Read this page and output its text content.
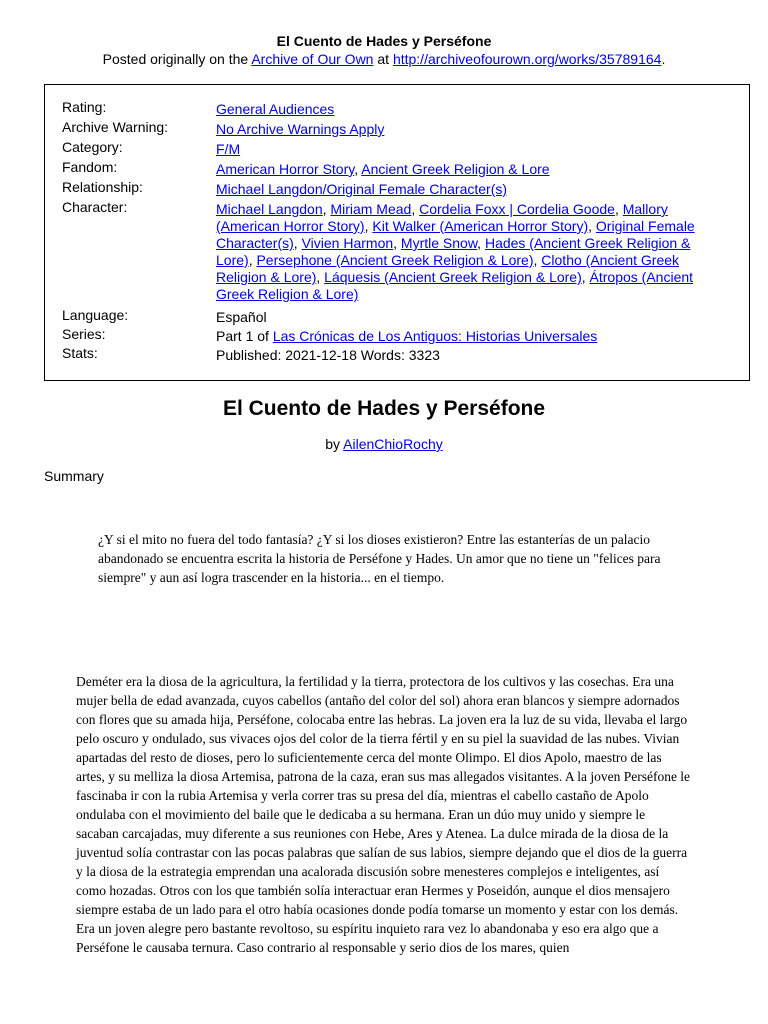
El Cuento de Hades y Perséfone

Posted originally on the Archive of Our Own at http://archiveofourown.org/works/35789164.

Rating:	General Audiences
Archive Warning:	No Archive Warnings Apply
Category:	F/M
Fandom:	American Horror Story, Ancient Greek Religion & Lore
Relationship:	Michael Langdon/Original Female Character(s)
Character:	Michael Langdon, Miriam Mead, Cordelia Foxx | Cordelia Goode, Mallory (American Horror Story), Kit Walker (American Horror Story), Original Female Character(s), Vivien Harmon, Myrtle Snow, Hades (Ancient Greek Religion & Lore), Persephone (Ancient Greek Religion & Lore), Clotho (Ancient Greek Religion & Lore), Láquesis (Ancient Greek Religion & Lore), Átropos (Ancient Greek Religion & Lore)
Language:	Español
Series:	Part 1 of Las Crónicas de Los Antiguos: Historias Universales
Stats:	Published: 2021-12-18 Words: 3323
El Cuento de Hades y Perséfone
by AilenChioRochy
Summary
¿Y si el mito no fuera del todo fantasía? ¿Y si los dioses existieron? Entre las estanterías de un palacio abandonado se encuentra escrita la historia de Perséfone y Hades. Un amor que no tiene un "felices para siempre" y aun así logra trascender en la historia... en el tiempo.
Deméter era la diosa de la agricultura, la fertilidad y la tierra, protectora de los cultivos y las cosechas. Era una mujer bella de edad avanzada, cuyos cabellos (antaño del color del sol) ahora eran blancos y siempre adornados con flores que su amada hija, Perséfone, colocaba entre las hebras. La joven era la luz de su vida, llevaba el largo pelo oscuro y ondulado, sus vivaces ojos del color de la tierra fértil y en su piel la suavidad de las nubes. Vivian apartadas del resto de dioses, pero lo suficientemente cerca del monte Olimpo. El dios Apolo, maestro de las artes, y su melliza la diosa Artemisa, patrona de la caza, eran sus mas allegados visitantes. A la joven Perséfone le fascinaba ir con la rubia Artemisa y verla correr tras su presa del día, mientras el cabello castaño de Apolo ondulaba con el movimiento del baile que le dedicaba a su hermana. Eran un dúo muy unido y siempre le sacaban carcajadas, muy diferente a sus reuniones con Hebe, Ares y Atenea. La dulce mirada de la diosa de la juventud solía contrastar con las pocas palabras que salían de sus labios, siempre dejando que el dios de la guerra y la diosa de la estrategia emprendan una acalorada discusión sobre menesteres complejos e inteligentes, así como hozadas. Otros con los que también solía interactuar eran Hermes y Poseidón, aunque el dios mensajero siempre estaba de un lado para el otro había ocasiones donde podía tomarse un momento y estar con los demás. Era un joven alegre pero bastante revoltoso, su espíritu inquieto rara vez lo abandonaba y eso era algo que a Perséfone le causaba ternura. Caso contrario al responsable y serio dios de los mares, quien
